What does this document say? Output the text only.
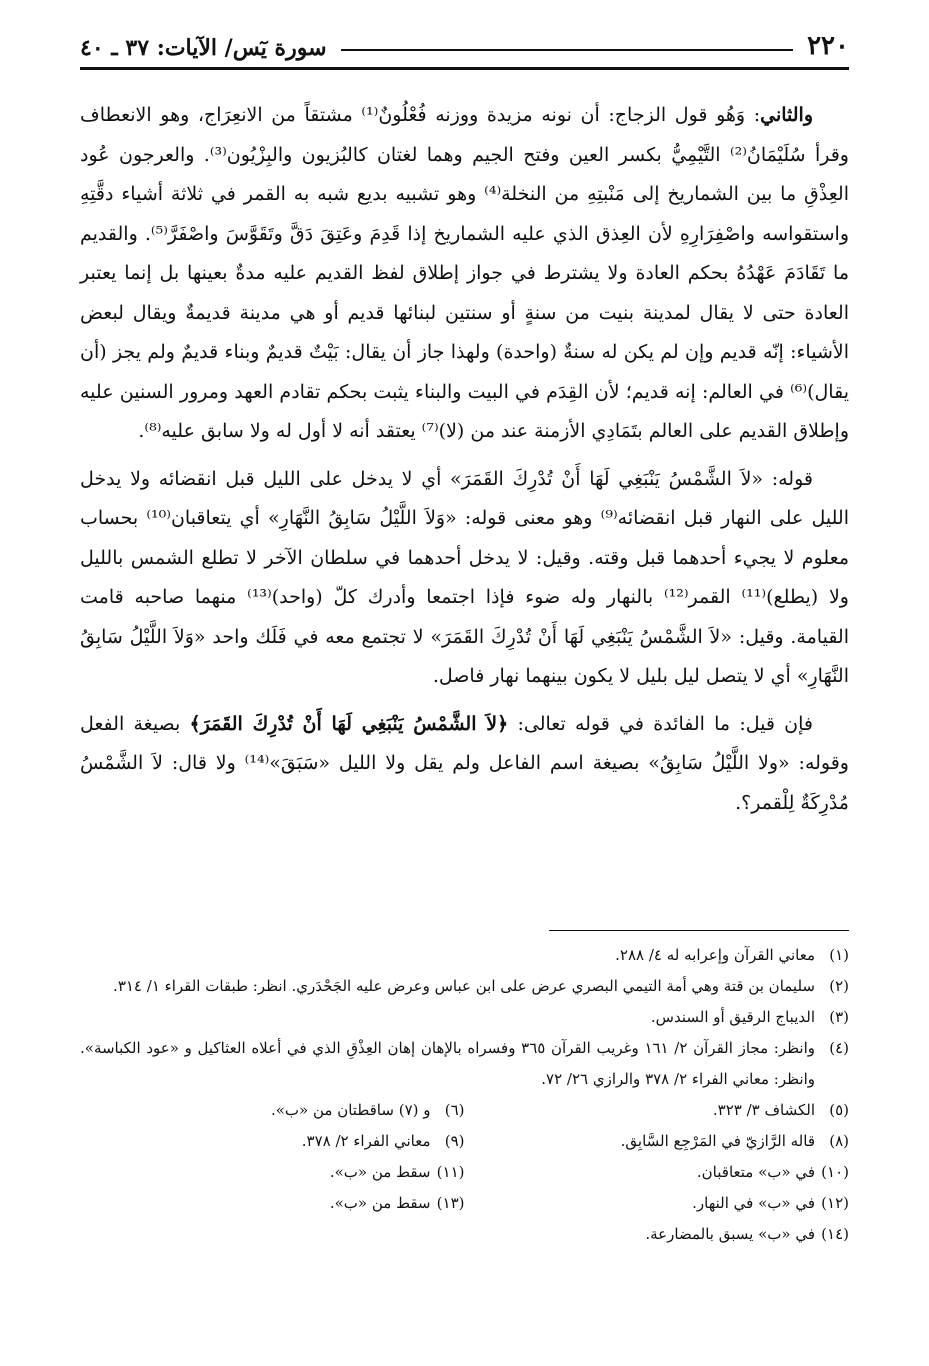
٢٢٠
سورة يٓس/ الآيات: ٣٧ ـ ٤٠

والثاني: وَهُو قول الزجاج: أن نونه مزيدة ووزنه فُعْلُونٌ⁽¹⁾ مشتقاً من الانعِرَاج، وهو الانعطاف وقرأ سُلَيْمَانُ⁽²⁾ التَّيْمِيُّ بكسر العين وفتح الجيم وهما لغتان كالبُزيون والبِزْيُون⁽³⁾. والعرجون عُود العِذْقِ ما بين الشماريخ إلى مَنْبتِهِ من النخلة⁽⁴⁾ وهو تشبيه بديع شبه به القمر في ثلاثة أشياء دقَّتِهِ واستقواسه واصْفِرَارِهِ لأن العِذق الذي عليه الشماريخ إذا قَدِمَ وعَتِقَ دَقَّ وتَقَوَّسَ واصْفَرَّ⁽⁵⁾. والقديم ما تَقَادَمَ عَهْدُهُ بحكم العادة ولا يشترط في جواز إطلاق لفظ القديم عليه مدةٌ بعينها بل إنما يعتبر العادة حتى لا يقال لمدينة بنيت من سنةٍ أو سنتين لبنائها قديم أو هي مدينة قديمةٌ ويقال لبعض الأشياء: إنّه قديم وإن لم يكن له سنةٌ (واحدة) ولهذا جاز أن يقال: بَيْتٌ قديمٌ وبناء قديمٌ ولم يجز (أن يقال)⁽⁶⁾ في العالم: إنه قديم؛ لأن القِدَم في البيت والبناء يثبت بحكم تقادم العهد ومرور السنين عليه وإطلاق القديم على العالم بتَمَادِي الأزمنة عند من (لا)⁽⁷⁾ يعتقد أنه لا أول له ولا سابق عليه⁽⁸⁾.

قوله: «لاَ الشَّمْسُ يَنْبَغِي لَهَا أَنْ تُدْرِكَ القَمَرَ» أي لا يدخل على الليل قبل انقضائه ولا يدخل الليل على النهار قبل انقضائه⁽⁹⁾ وهو معنى قوله: «وَلاَ اللَّيْلُ سَابِقُ النَّهَارِ» أي يتعاقبان⁽¹⁰⁾ بحساب معلوم لا يجيء أحدهما قبل وقته. وقيل: لا يدخل أحدهما في سلطان الآخر لا تطلع الشمس بالليل ولا (يطلع)⁽¹¹⁾ القمر⁽¹²⁾ بالنهار وله ضوء فإذا اجتمعا وأدرك كلّ (واحد)⁽¹³⁾ منهما صاحبه قامت القيامة. وقيل: «لاَ الشَّمْسُ يَنْبَغِي لَهَا أَنْ تُدْرِكَ القَمَرَ» لا تجتمع معه في فَلَك واحد «وَلاَ اللَّيْلُ سَابِقُ النَّهَارِ» أي لا يتصل ليل بليل لا يكون بينهما نهار فاصل.

فإن قيل: ما الفائدة في قوله تعالى: ﴿لاَ الشَّمْسُ يَنْبَغِي لَهَا أَنْ تُدْرِكَ القَمَرَ﴾ بصيغة الفعل وقوله: «ولا اللَّيْلُ سَابِقُ» بصيغة اسم الفاعل ولم يقل ولا الليل «سَبَقَ»⁽¹⁴⁾ ولا قال: لاَ الشَّمْسُ مُدْرِكَةٌ لِلْقمر؟.

(١)
معاني القرآن وإعرابه له ٤/ ٢٨٨.
(٢)
سليمان بن قتة وهي أمة التيمي البصري عرض على ابن عباس وعرض عليه الجَحْدَري. انظر: طبقات القراء ١/ ٣١٤.
(٣)
الديباج الرقيق أو السندس.
(٤)
وانظر: مجاز القرآن ٢/ ١٦١ وغريب القرآن ٣٦٥ وفسراه بالإهان إهان العِذْقِ الذي في أعلاه العثاكيل و «عود الكباسة». وانظر: معاني الفراء ٢/ ٣٧٨ والرازي ٢٦/ ٧٢.
(٥)
الكشاف ٣/ ٣٢٣.
(٦)
و (٧) ساقطتان من «ب».
(٨)
قاله الرَّازيّ في المَرْجِع السَّابِق.
(٩)
معاني الفراء ٢/ ٣٧٨.
(١٠)
في «ب» متعاقبان.
(١١)
سقط من «ب».
(١٢)
في «ب» في النهار.
(١٣)
سقط من «ب».
(١٤)
في «ب» يسبق بالمضارعة.
